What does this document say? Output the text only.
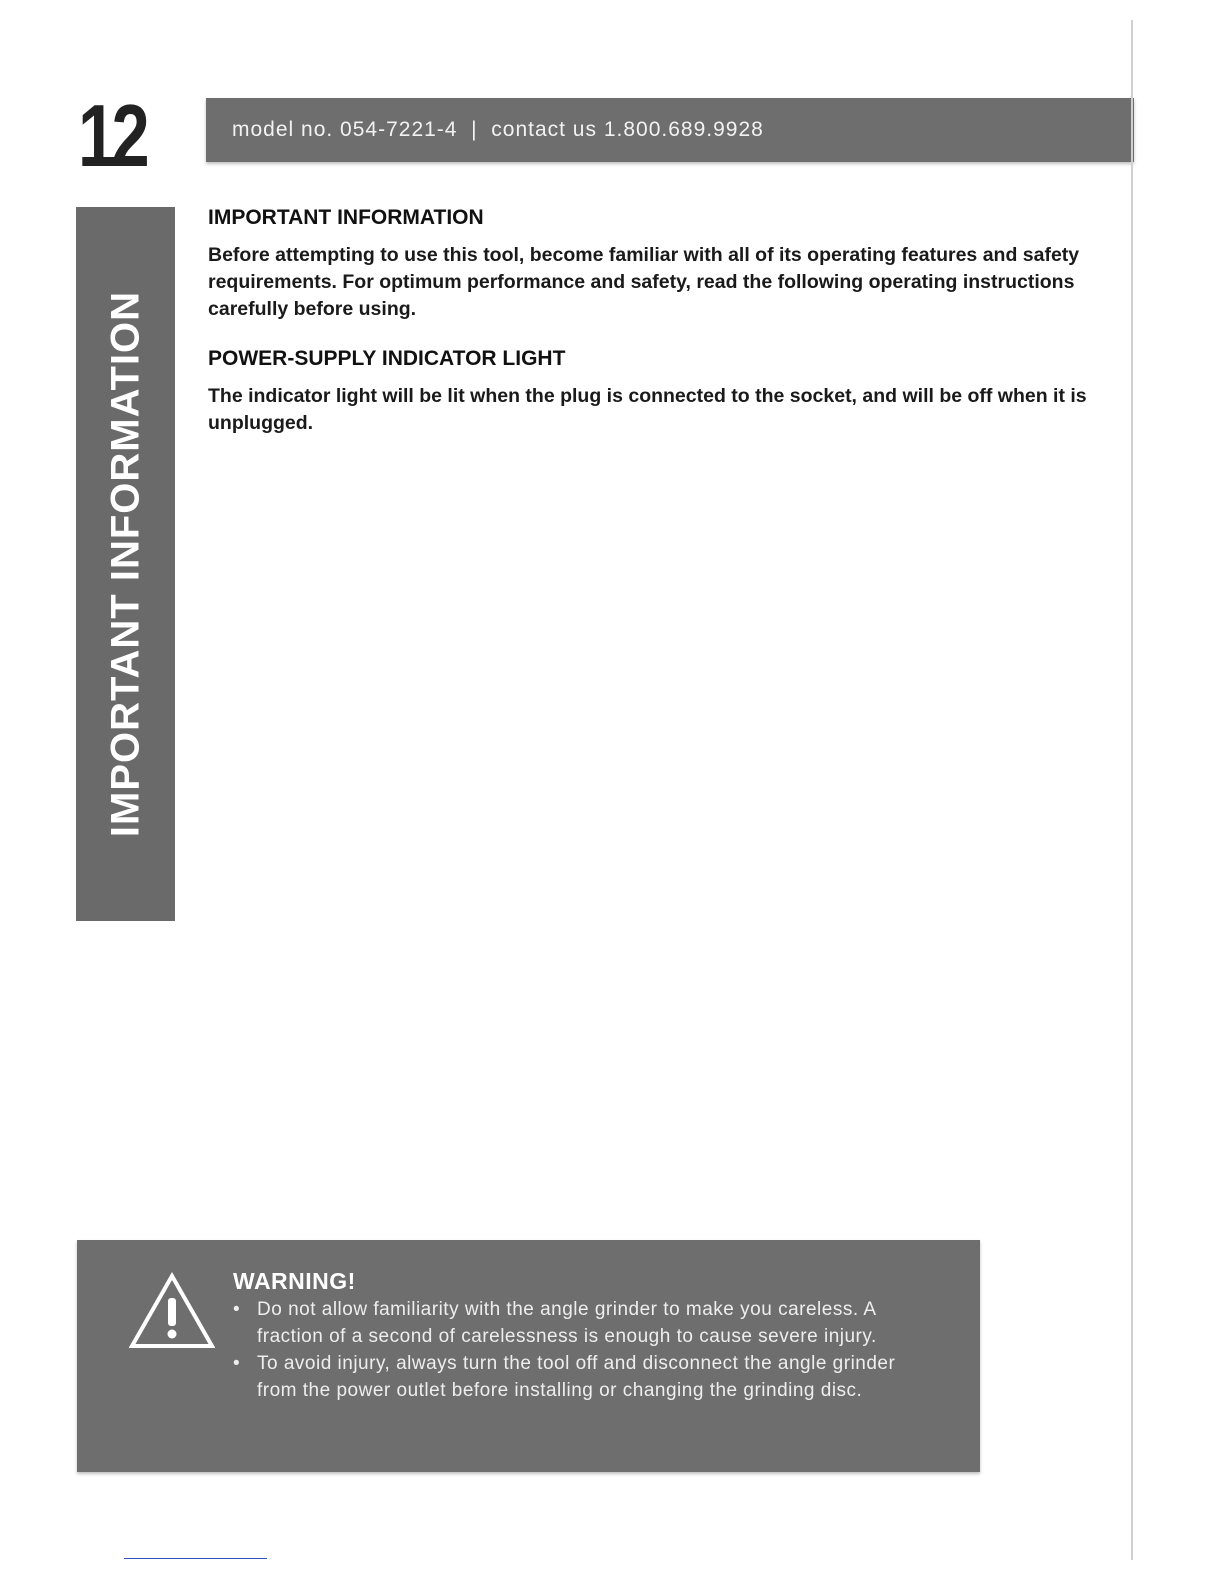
12	model no. 054-7221-4  |  contact us 1.800.689.9928
IMPORTANT INFORMATION
IMPORTANT INFORMATION

Before attempting to use this tool, become familiar with all of its operating features and safety requirements. For optimum performance and safety, read the following operating instructions carefully before using.

POWER-SUPPLY INDICATOR LIGHT

The indicator light will be lit when the plug is connected to the socket, and will be off when it is unplugged.

WARNING!
• Do not allow familiarity with the angle grinder to make you careless. A fraction of a second of carelessness is enough to cause severe injury.
• To avoid injury, always turn the tool off and disconnect the angle grinder from the power outlet before installing or changing the grinding disc.
